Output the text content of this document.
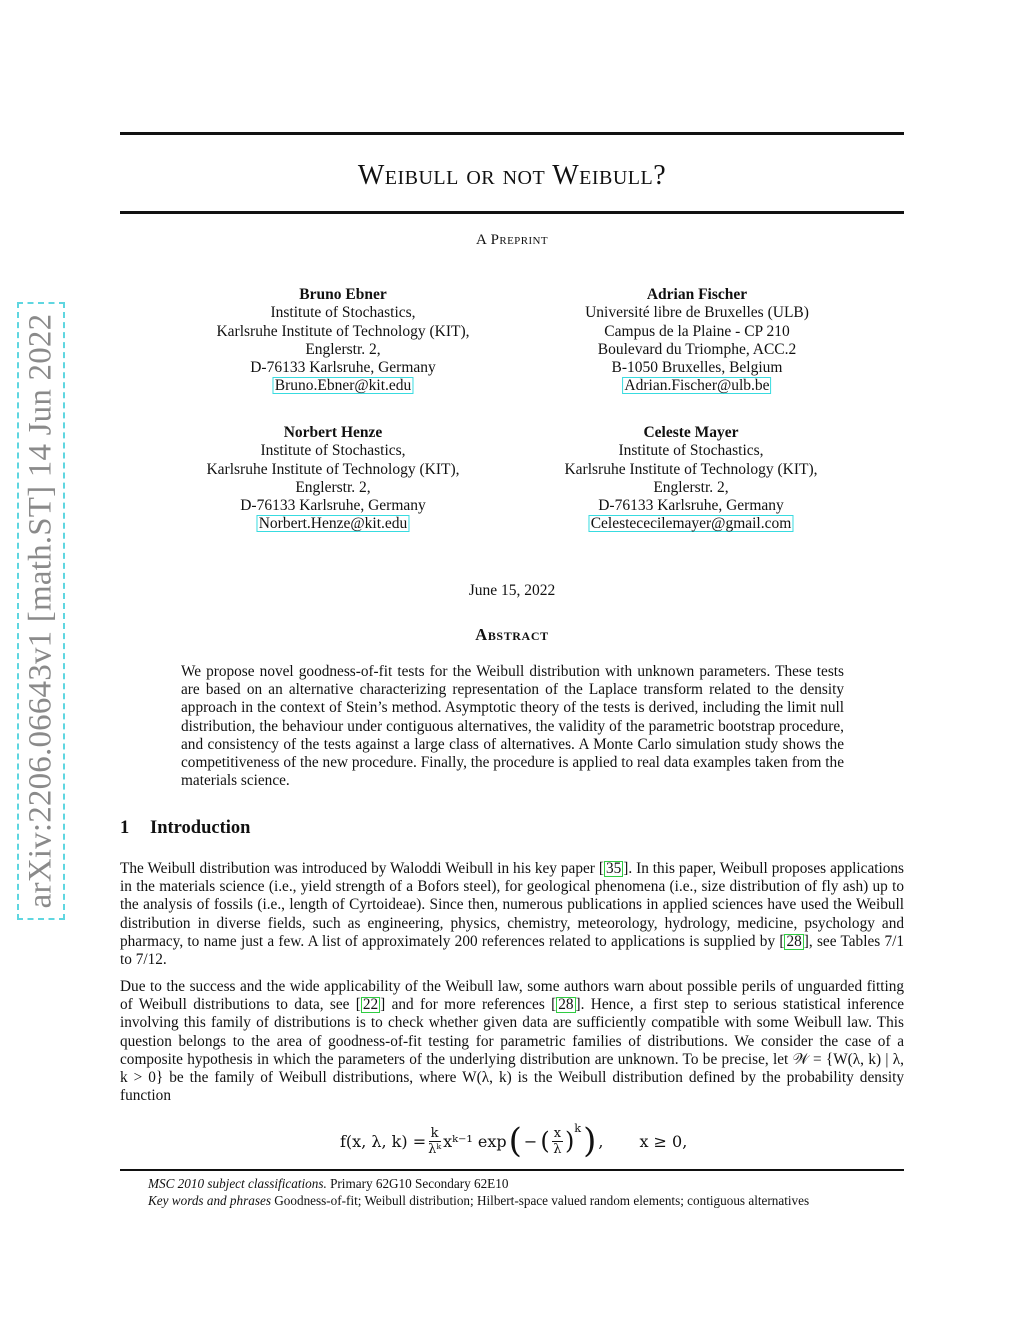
arXiv:2206.06643v1 [math.ST] 14 Jun 2022
Weibull or not Weibull?
A Preprint
Bruno Ebner
Institute of Stochastics,
Karlsruhe Institute of Technology (KIT),
Englerstr. 2,
D-76133 Karlsruhe, Germany
Bruno.Ebner@kit.edu
Adrian Fischer
Université libre de Bruxelles (ULB)
Campus de la Plaine - CP 210
Boulevard du Triomphe, ACC.2
B-1050 Bruxelles, Belgium
Adrian.Fischer@ulb.be
Norbert Henze
Institute of Stochastics,
Karlsruhe Institute of Technology (KIT),
Englerstr. 2,
D-76133 Karlsruhe, Germany
Norbert.Henze@kit.edu
Celeste Mayer
Institute of Stochastics,
Karlsruhe Institute of Technology (KIT),
Englerstr. 2,
D-76133 Karlsruhe, Germany
Celestececilemayer@gmail.com
June 15, 2022
Abstract
We propose novel goodness-of-fit tests for the Weibull distribution with unknown parameters. These tests are based on an alternative characterizing representation of the Laplace transform related to the density approach in the context of Stein’s method. Asymptotic theory of the tests is derived, including the limit null distribution, the behaviour under contiguous alternatives, the validity of the parametric bootstrap procedure, and consistency of the tests against a large class of alternatives. A Monte Carlo simulation study shows the competitiveness of the new procedure. Finally, the procedure is applied to real data examples taken from the materials science.
1 Introduction
The Weibull distribution was introduced by Waloddi Weibull in his key paper [ 35 ]. In this paper, Weibull proposes applications in the materials science (i.e., yield strength of a Bofors steel), for geological phenomena (i.e., size distribution of fly ash) up to the analysis of fossils (i.e., length of Cyrtoideae). Since then, numerous publications in applied sciences have used the Weibull distribution in diverse fields, such as engineering, physics, chemistry, meteorology, hydrology, medicine, psychology and pharmacy, to name just a few. A list of approximately 200 references related to applications is supplied by [ 28 ], see Tables 7/1 to 7/12.
Due to the success and the wide applicability of the Weibull law, some authors warn about possible perils of unguarded fitting of Weibull distributions to data, see [ 22 ] and for more references [ 28 ]. Hence, a first step to serious statistical inference involving this family of distributions is to check whether given data are sufficiently compatible with some Weibull law. This question belongs to the area of goodness-of-fit testing for parametric families of distributions. We consider the case of a composite hypothesis in which the parameters of the underlying distribution are unknown. To be precise, let 𝒲 = {W(λ, k) | λ, k > 0} be the family of Weibull distributions, where W(λ, k) is the Weibull distribution defined by the probability density function
f(x, λ, $k) = \frac{k}{\text{λᵏ}}$ xᵏ⁻¹ exp ( − ( $\frac{x}{\lambda}$ ) k ) , x ≥ 0,
MSC 2010 subject classifications. Primary 62G10 Secondary 62E10
Key words and phrases Goodness-of-fit; Weibull distribution; Hilbert-space valued random elements; contiguous alternatives
